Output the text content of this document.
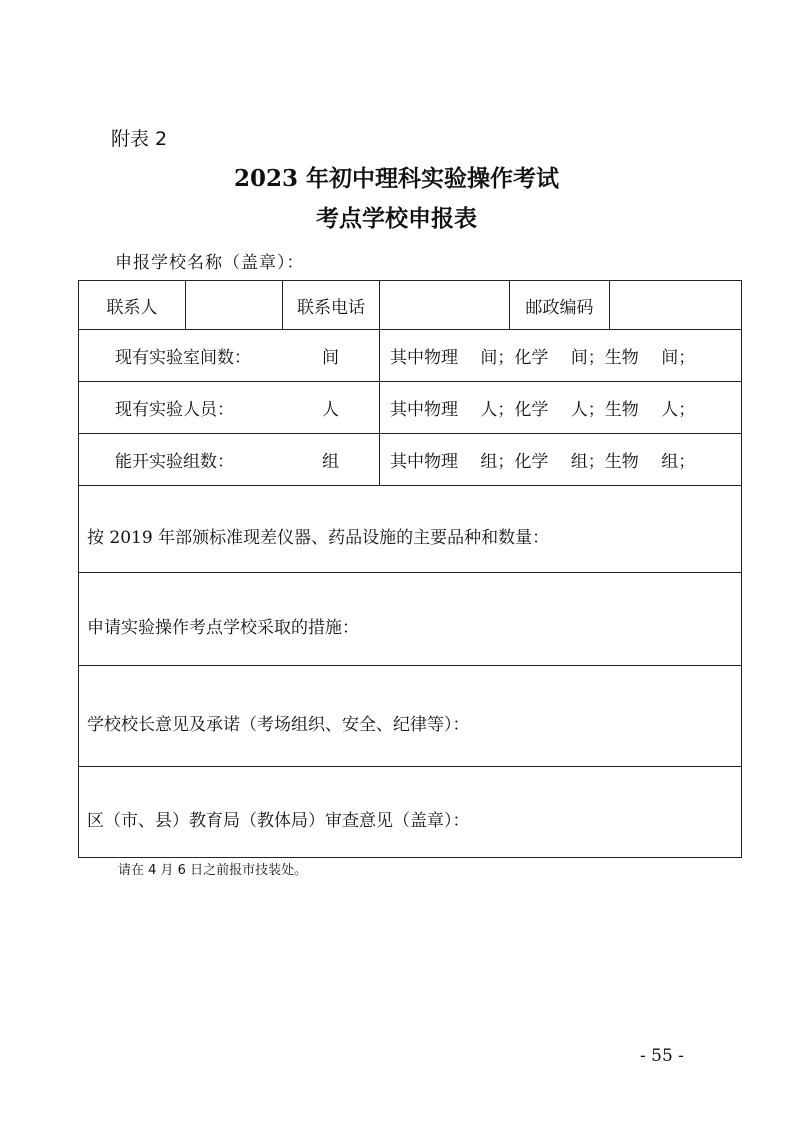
附表 2
2023 年初中理科实验操作考试
考点学校申报表
申报学校名称（盖章）：
联系人		联系电话		邮政编码	

现有实验室间数： 间			其中物理　 间；化学　 间；生物　 间；		

现有实验人员： 人			其中物理　 人；化学　 人；生物　 人；		

能开实验组数： 组			其中物理　 组；化学　 组；生物　 组；		
按 2019 年部颁标准现差仪器、药品设施的主要品种和数量：					
申请实验操作考点学校采取的措施：					
学校校长意见及承诺（考场组织、安全、纪律等）：					
区（市、县）教育局（教体局）审查意见（盖章）：					
请在 4 月 6 日之前报市技装处。
- 55 -
